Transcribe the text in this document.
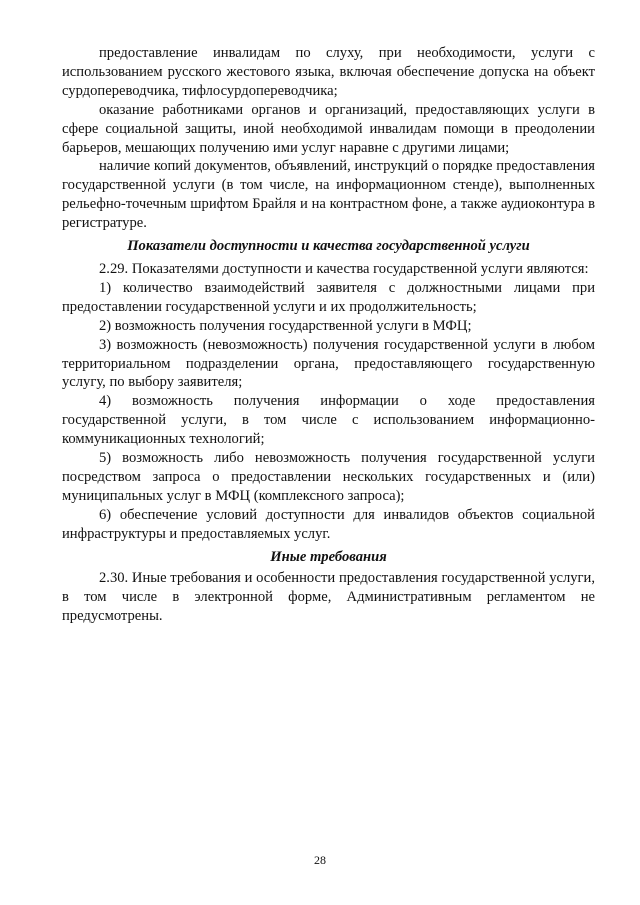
предоставление инвалидам по слуху, при необходимости, услуги с использованием русского жестового языка, включая обеспечение допуска на объект сурдопереводчика, тифлосурдопереводчика;

оказание работниками органов и организаций, предоставляющих услуги в сфере социальной защиты, иной необходимой инвалидам помощи в преодолении барьеров, мешающих получению ими услуг наравне с другими лицами;

наличие копий документов, объявлений, инструкций о порядке предоставления государственной услуги (в том числе, на информационном стенде), выполненных рельефно-точечным шрифтом Брайля и на контрастном фоне, а также аудиоконтура в регистратуре.

Показатели доступности и качества государственной услуги

2.29. Показателями доступности и качества государственной услуги являются:

1) количество взаимодействий заявителя с должностными лицами при предоставлении государственной услуги и их продолжительность;

2) возможность получения государственной услуги в МФЦ;

3) возможность (невозможность) получения государственной услуги в любом территориальном подразделении органа, предоставляющего государственную услугу, по выбору заявителя;

4) возможность получения информации о ходе предоставления государственной услуги, в том числе с использованием информационно-коммуникационных технологий;

5) возможность либо невозможность получения государственной услуги посредством запроса о предоставлении нескольких государственных и (или) муниципальных услуг в МФЦ (комплексного запроса);

6) обеспечение условий доступности для инвалидов объектов социальной инфраструктуры и предоставляемых услуг.

Иные требования

2.30. Иные требования и особенности предоставления государственной услуги, в том числе в электронной форме, Административным регламентом не предусмотрены.

28
